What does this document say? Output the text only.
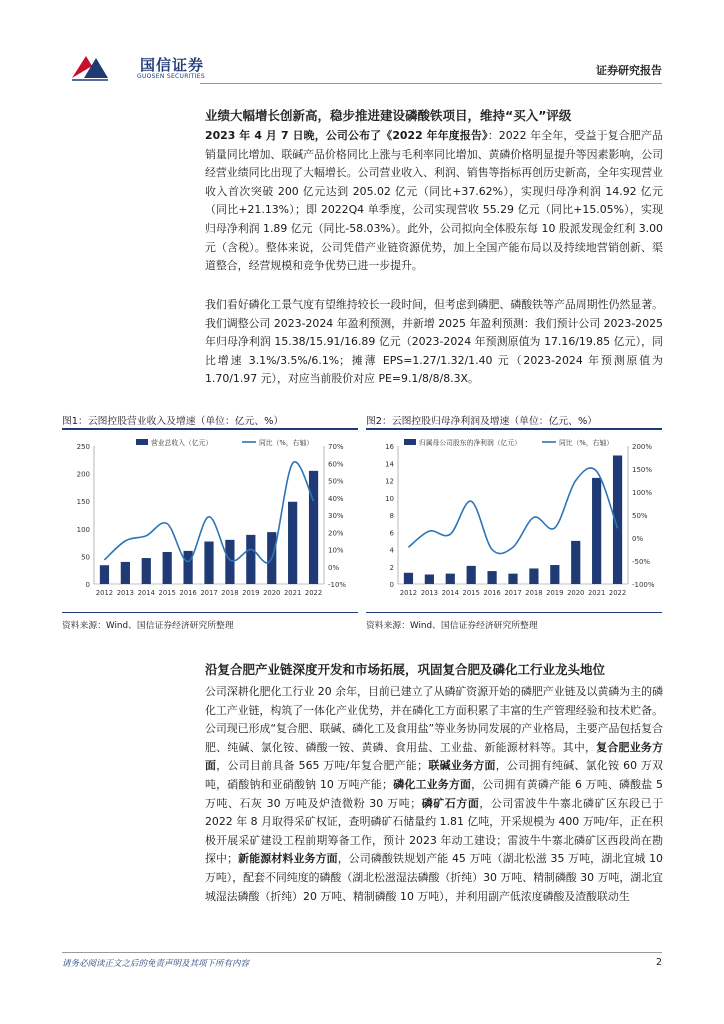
国信证券
GUOSEN SECURITIES	证券研究报告
业绩大幅增长创新高，稳步推进建设磷酸铁项目，维持“买入”评级
2023 年 4 月 7 日晚，公司公布了《2022 年年度报告》：2022 年全年，受益于复合肥产品销量同比增加、联碱产品价格同比上涨与毛利率同比增加、黄磷价格明显提升等因素影响，公司经营业绩同比出现了大幅增长。公司营业收入、利润、销售等指标再创历史新高，全年实现营业收入首次突破 200 亿元达到 205.02 亿元（同比+37.62%），实现归母净利润 14.92 亿元（同比+21.13%）；即 2022Q4 单季度，公司实现营收 55.29 亿元（同比+15.05%），实现归母净利润 1.89 亿元（同比-58.03%）。此外，公司拟向全体股东每 10 股派发现金红利 3.00 元（含税）。整体来说，公司凭借产业链资源优势，加上全国产能布局以及持续地营销创新、渠道整合，经营规模和竞争优势已进一步提升。
我们看好磷化工景气度有望维持较长一段时间，但考虑到磷肥、磷酸铁等产品周期性仍然显著。我们调整公司 2023-2024 年盈利预测，并新增 2025 年盈利预测：我们预计公司 2023-2025 年归母净利润 15.38/15.91/16.89 亿元（2023-2024 年预测原值为 17.16/19.85 亿元），同比增速 3.1%/3.5%/6.1%；摊薄 EPS=1.27/1.32/1.40 元（2023-2024 年预测原值为 1.70/1.97 元），对应当前股价对应 PE=9.1/8/8/8.3X。
图1：云图控股营业收入及增速（单位：亿元、%）
0
50
100
150
200
250
-10%
0%
10%
20%
30%
40%
50%
60%
70%
2012 2013 2014 2015 2016 2017 2018 2019 2020 2021 2022
营业总收入（亿元）	同比（%，右轴）
资料来源：Wind、国信证券经济研究所整理
图2：云图控股归母净利润及增速（单位：亿元、%）
0
2
4
6
8
10
12
14
16
-100%
-50%
0%
50%
100%
150%
200%
2012 2013 2014 2015 2016 2017 2018 2019 2020 2021 2022
归属母公司股东的净利润（亿元）	同比（%，右轴）
资料来源：Wind、国信证券经济研究所整理
沿复合肥产业链深度开发和市场拓展，巩固复合肥及磷化工行业龙头地位
公司深耕化肥化工行业 20 余年，目前已建立了从磷矿资源开始的磷肥产业链及以黄磷为主的磷化工产业链，构筑了一体化产业优势，并在磷化工方面积累了丰富的生产管理经验和技术贮备。公司现已形成“复合肥、联碱、磷化工及食用盐”等业务协同发展的产业格局，主要产品包括复合肥、纯碱、氯化铵、磷酸一铵、黄磷、食用盐、工业盐、新能源材料等。其中，复合肥业务方面，公司目前具备 565 万吨/年复合肥产能；联碱业务方面，公司拥有纯碱、氯化铵 60 万双吨，硝酸钠和亚硝酸钠 10 万吨产能；磷化工业务方面，公司拥有黄磷产能 6 万吨、磷酸盐 5 万吨、石灰 30 万吨及炉渣微粉 30 万吨；磷矿石方面，公司雷波牛牛寨北磷矿区东段已于 2022 年 8 月取得采矿权证，查明磷矿石储量约 1.81 亿吨，开采规模为 400 万吨/年，正在积极开展采矿建设工程前期筹备工作，预计 2023 年动工建设；雷波牛牛寨北磷矿区西段尚在勘探中；新能源材料业务方面，公司磷酸铁规划产能 45 万吨（湖北松滋 35 万吨，湖北宜城 10 万吨），配套不同纯度的磷酸（湖北松滋湿法磷酸（折纯）30 万吨、精制磷酸 30 万吨，湖北宜城湿法磷酸（折纯）20 万吨、精制磷酸 10 万吨），并利用副产低浓度磷酸及渣酸联动生
请务必阅读正文之后的免责声明及其项下所有内容	2
